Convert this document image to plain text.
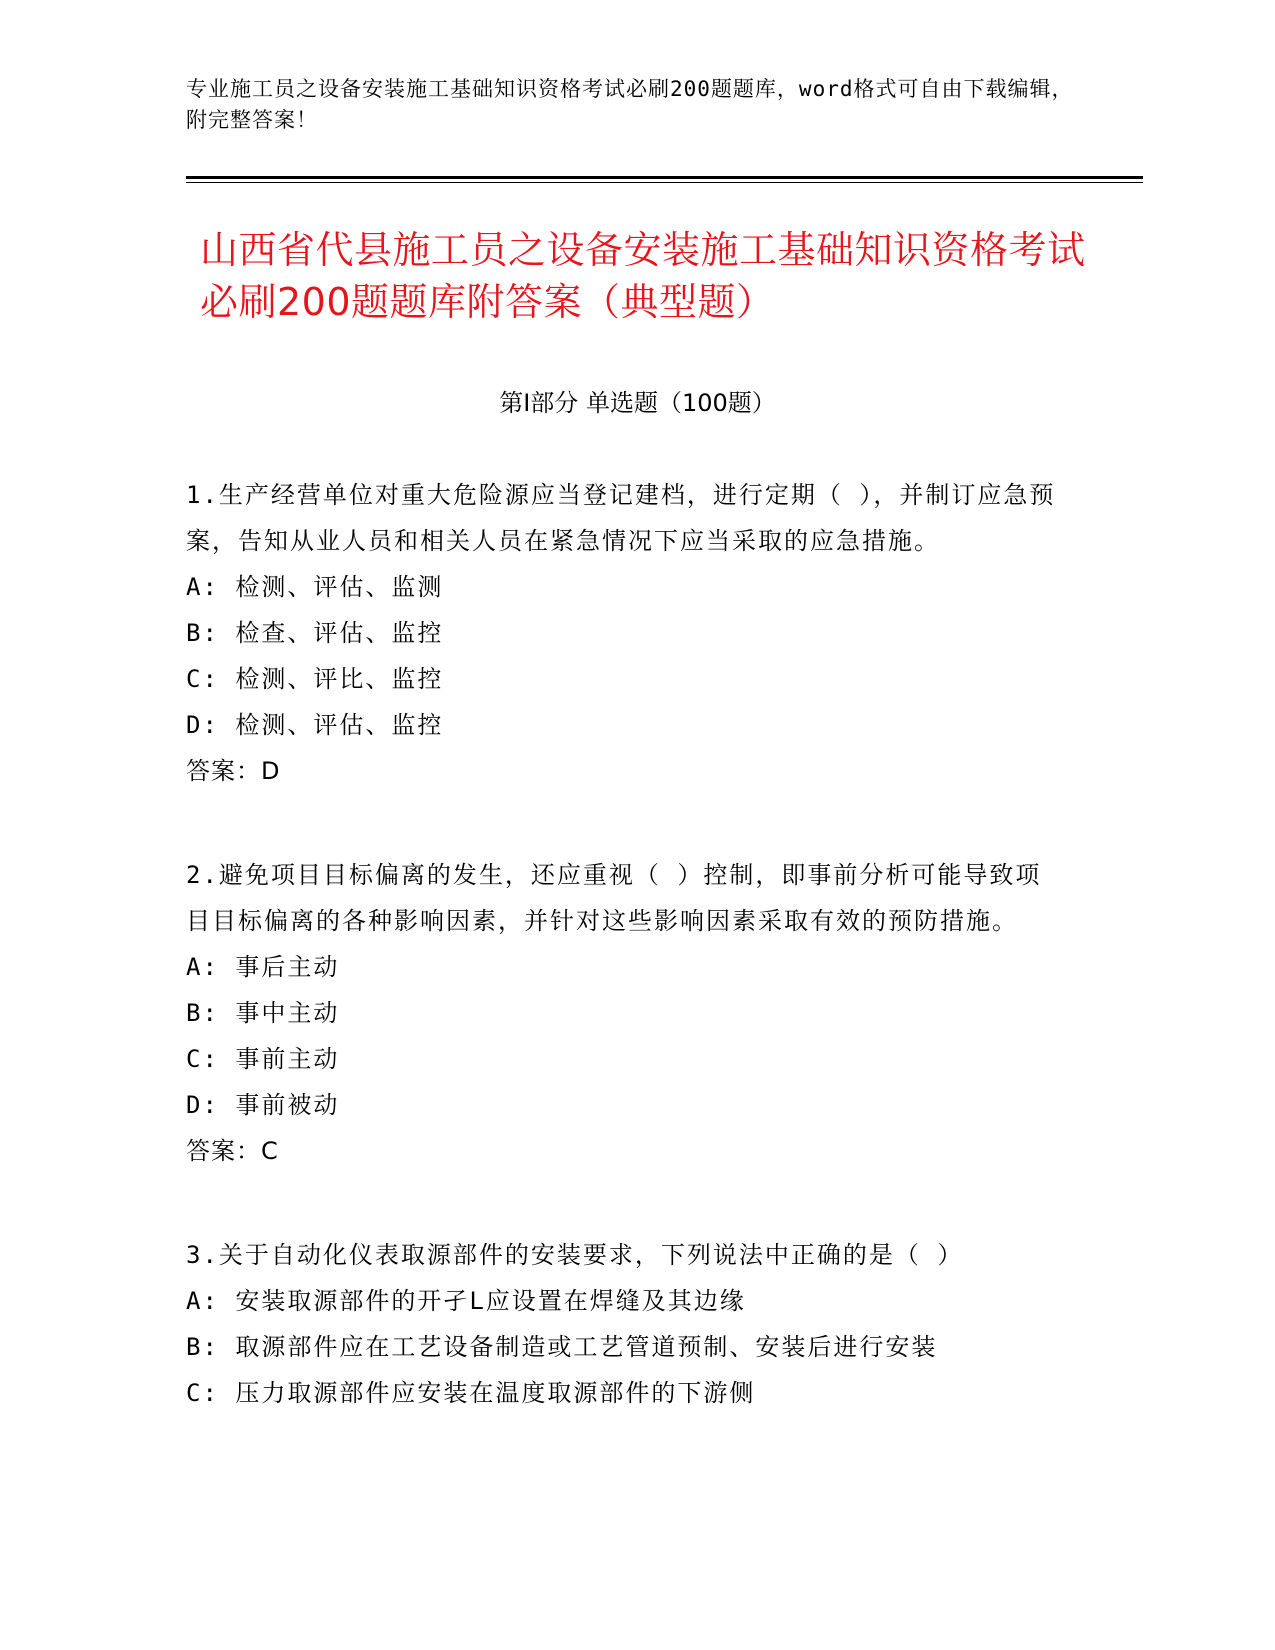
专业施工员之设备安装施工基础知识资格考试必刷200题题库，word格式可自由下载编辑，附完整答案！
山西省代县施工员之设备安装施工基础知识资格考试必刷200题题库附答案（典型题）
第I部分 单选题（100题）

1.生产经营单位对重大危险源应当登记建档，进行定期（ ），并制订应急预案，告知从业人员和相关人员在紧急情况下应当采取的应急措施。

A: 检测、评估、监测

B: 检查、评估、监控

C: 检测、评比、监控

D: 检测、评估、监控

答案：D

2.避免项目目标偏离的发生，还应重视（ ）控制，即事前分析可能导致项目目标偏离的各种影响因素，并针对这些影响因素采取有效的预防措施。

A: 事后主动

B: 事中主动

C: 事前主动

D: 事前被动

答案：C

3.关于自动化仪表取源部件的安装要求，下列说法中正确的是（ ）

A: 安装取源部件的开孑L应设置在焊缝及其边缘

B: 取源部件应在工艺设备制造或工艺管道预制、安装后进行安装

C: 压力取源部件应安装在温度取源部件的下游侧
